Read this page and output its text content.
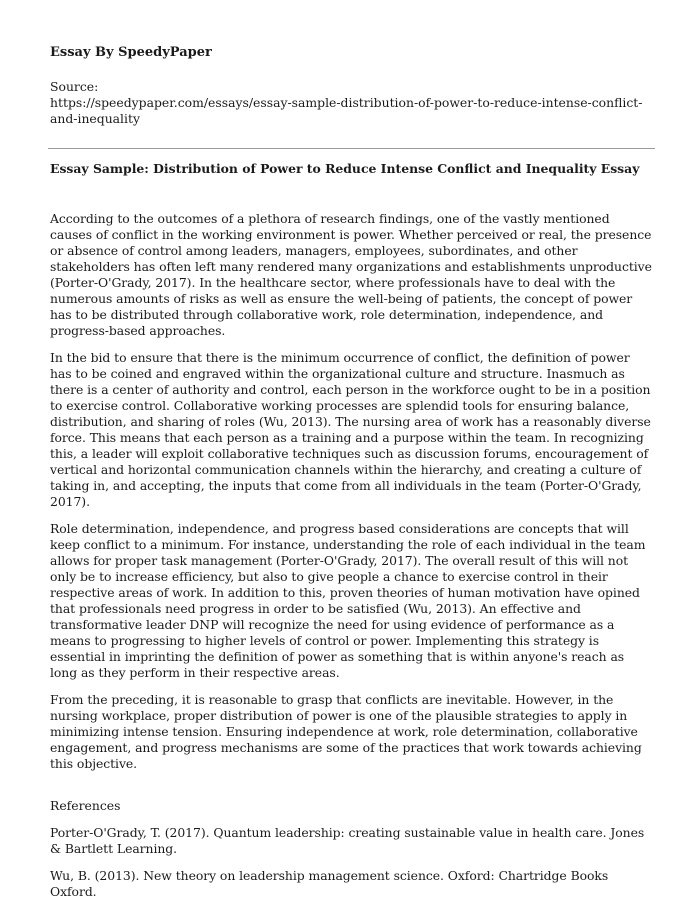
Essay By SpeedyPaper
Source:
https://speedypaper.com/essays/essay-sample-distribution-of-power-to-reduce-intense-conflict-and-inequality
Essay Sample: Distribution of Power to Reduce Intense Conflict and Inequality Essay

According to the outcomes of a plethora of research findings, one of the vastly mentioned causes of conflict in the working environment is power. Whether perceived or real, the presence or absence of control among leaders, managers, employees, subordinates, and other stakeholders has often left many rendered many organizations and establishments unproductive (Porter-O'Grady, 2017). In the healthcare sector, where professionals have to deal with the numerous amounts of risks as well as ensure the well-being of patients, the concept of power has to be distributed through collaborative work, role determination, independence, and progress-based approaches.

In the bid to ensure that there is the minimum occurrence of conflict, the definition of power has to be coined and engraved within the organizational culture and structure. Inasmuch as there is a center of authority and control, each person in the workforce ought to be in a position to exercise control. Collaborative working processes are splendid tools for ensuring balance, distribution, and sharing of roles (Wu, 2013). The nursing area of work has a reasonably diverse force. This means that each person as a training and a purpose within the team. In recognizing this, a leader will exploit collaborative techniques such as discussion forums, encouragement of vertical and horizontal communication channels within the hierarchy, and creating a culture of taking in, and accepting, the inputs that come from all individuals in the team (Porter-O'Grady, 2017).

Role determination, independence, and progress based considerations are concepts that will keep conflict to a minimum. For instance, understanding the role of each individual in the team allows for proper task management (Porter-O'Grady, 2017). The overall result of this will not only be to increase efficiency, but also to give people a chance to exercise control in their respective areas of work. In addition to this, proven theories of human motivation have opined that professionals need progress in order to be satisfied (Wu, 2013). An effective and transformative leader DNP will recognize the need for using evidence of performance as a means to progressing to higher levels of control or power. Implementing this strategy is essential in imprinting the definition of power as something that is within anyone's reach as long as they perform in their respective areas.

From the preceding, it is reasonable to grasp that conflicts are inevitable. However, in the nursing workplace, proper distribution of power is one of the plausible strategies to apply in minimizing intense tension. Ensuring independence at work, role determination, collaborative engagement, and progress mechanisms are some of the practices that work towards achieving this objective.

References

Porter-O'Grady, T. (2017). Quantum leadership: creating sustainable value in health care. Jones & Bartlett Learning.

Wu, B. (2013). New theory on leadership management science. Oxford: Chartridge Books Oxford.
